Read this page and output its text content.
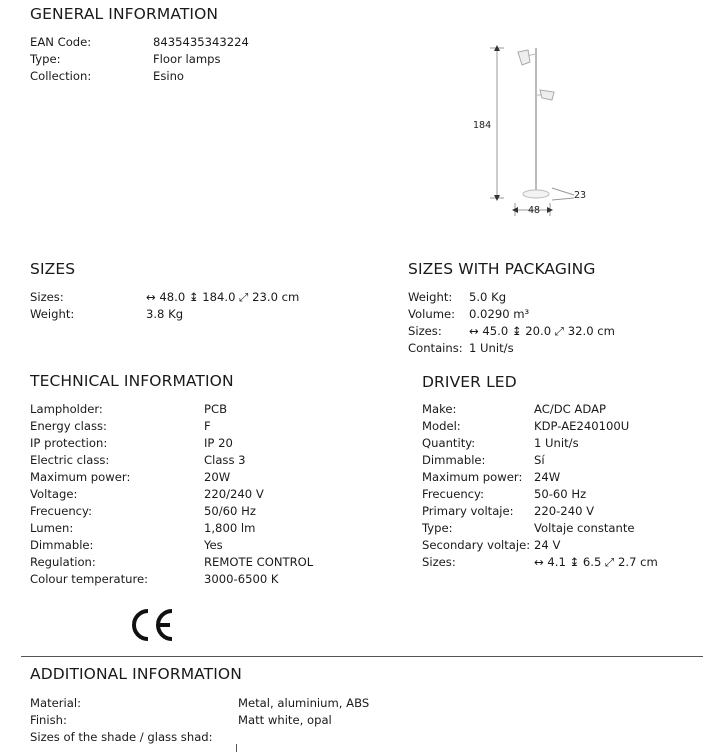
GENERAL INFORMATION
EAN Code:	8435435343224
Type:	Floor lamps
Collection:	Esino
184
48
23
SIZES
Sizes:	↔ 48.0 ↨ 184.0 ⤢ 23.0 cm
Weight:	3.8 Kg
SIZES WITH PACKAGING
Weight: 5.0 Kg
Volume: 0.0290 m³
Sizes: ↔ 45.0 ↨ 20.0 ⤢ 32.0 cm
Contains: 1 Unit/s
TECHNICAL INFORMATION
Lampholder:	PCB
Energy class:	F
IP protection:	IP 20
Electric class:	Class 3
Maximum power:	20W
Voltage:	220/240 V
Frecuency:	50/60 Hz
Lumen:	1,800 lm
Dimmable:	Yes
Regulation:	REMOTE CONTROL
Colour temperature:	3000-6500 K
DRIVER LED
Make:	AC/DC ADAP
Model:	KDP-AE240100U
Quantity:	1 Unit/s
Dimmable:	Sí
Maximum power: 24W
Frecuency:	50-60 Hz
Primary voltaje: 220-240 V
Type:	Voltaje constante
Secondary voltaje: 24 V
Sizes:	↔ 4.1 ↨ 6.5 ⤢ 2.7 cm
ADDITIONAL INFORMATION
Material:	Metal, aluminium, ABS
Finish:	Matt white, opal
Sizes of the shade / glass shad:
